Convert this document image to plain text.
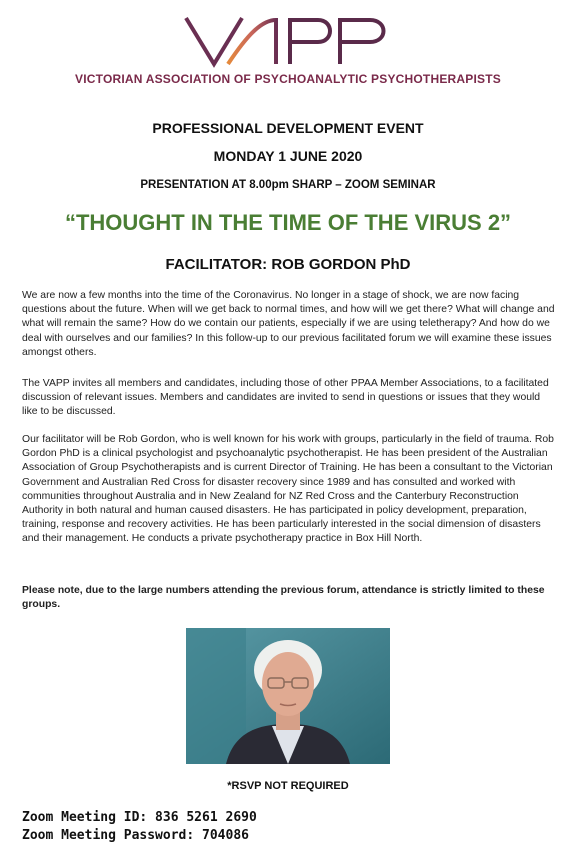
VICTORIAN ASSOCIATION OF PSYCHOANALYTIC PSYCHOTHERAPISTS
PROFESSIONAL DEVELOPMENT EVENT
MONDAY 1 JUNE 2020
PRESENTATION AT 8.00pm SHARP – ZOOM SEMINAR
“THOUGHT IN THE TIME OF THE VIRUS 2”
FACILITATOR: ROB GORDON PhD
We are now a few months into the time of the Coronavirus. No longer in a stage of shock, we are now facing questions about the future. When will we get back to normal times, and how will we get there? What will change and what will remain the same? How do we contain our patients, especially if we are using teletherapy? And how do we deal with ourselves and our families? In this follow-up to our previous facilitated forum we will examine these issues amongst others.
The VAPP invites all members and candidates, including those of other PPAA Member Associations, to a facilitated discussion of relevant issues. Members and candidates are invited to send in questions or issues that they would like to be discussed.
Our facilitator will be Rob Gordon, who is well known for his work with groups, particularly in the field of trauma. Rob Gordon PhD is a clinical psychologist and psychoanalytic psychotherapist. He has been president of the Australian Association of Group Psychotherapists and is current Director of Training. He has been a consultant to the Victorian Government and Australian Red Cross for disaster recovery since 1989 and has consulted and worked with communities throughout Australia and in New Zealand for NZ Red Cross and the Canterbury Reconstruction Authority in both natural and human caused disasters. He has participated in policy development, preparation, training, response and recovery activities. He has been particularly interested in the social dimension of disasters and their management. He conducts a private psychotherapy practice in Box Hill North.
Please note, due to the large numbers attending the previous forum, attendance is strictly limited to these groups.
*RSVP NOT REQUIRED
Zoom Meeting ID: 836 5261 2690
Zoom Meeting Password: 704086
